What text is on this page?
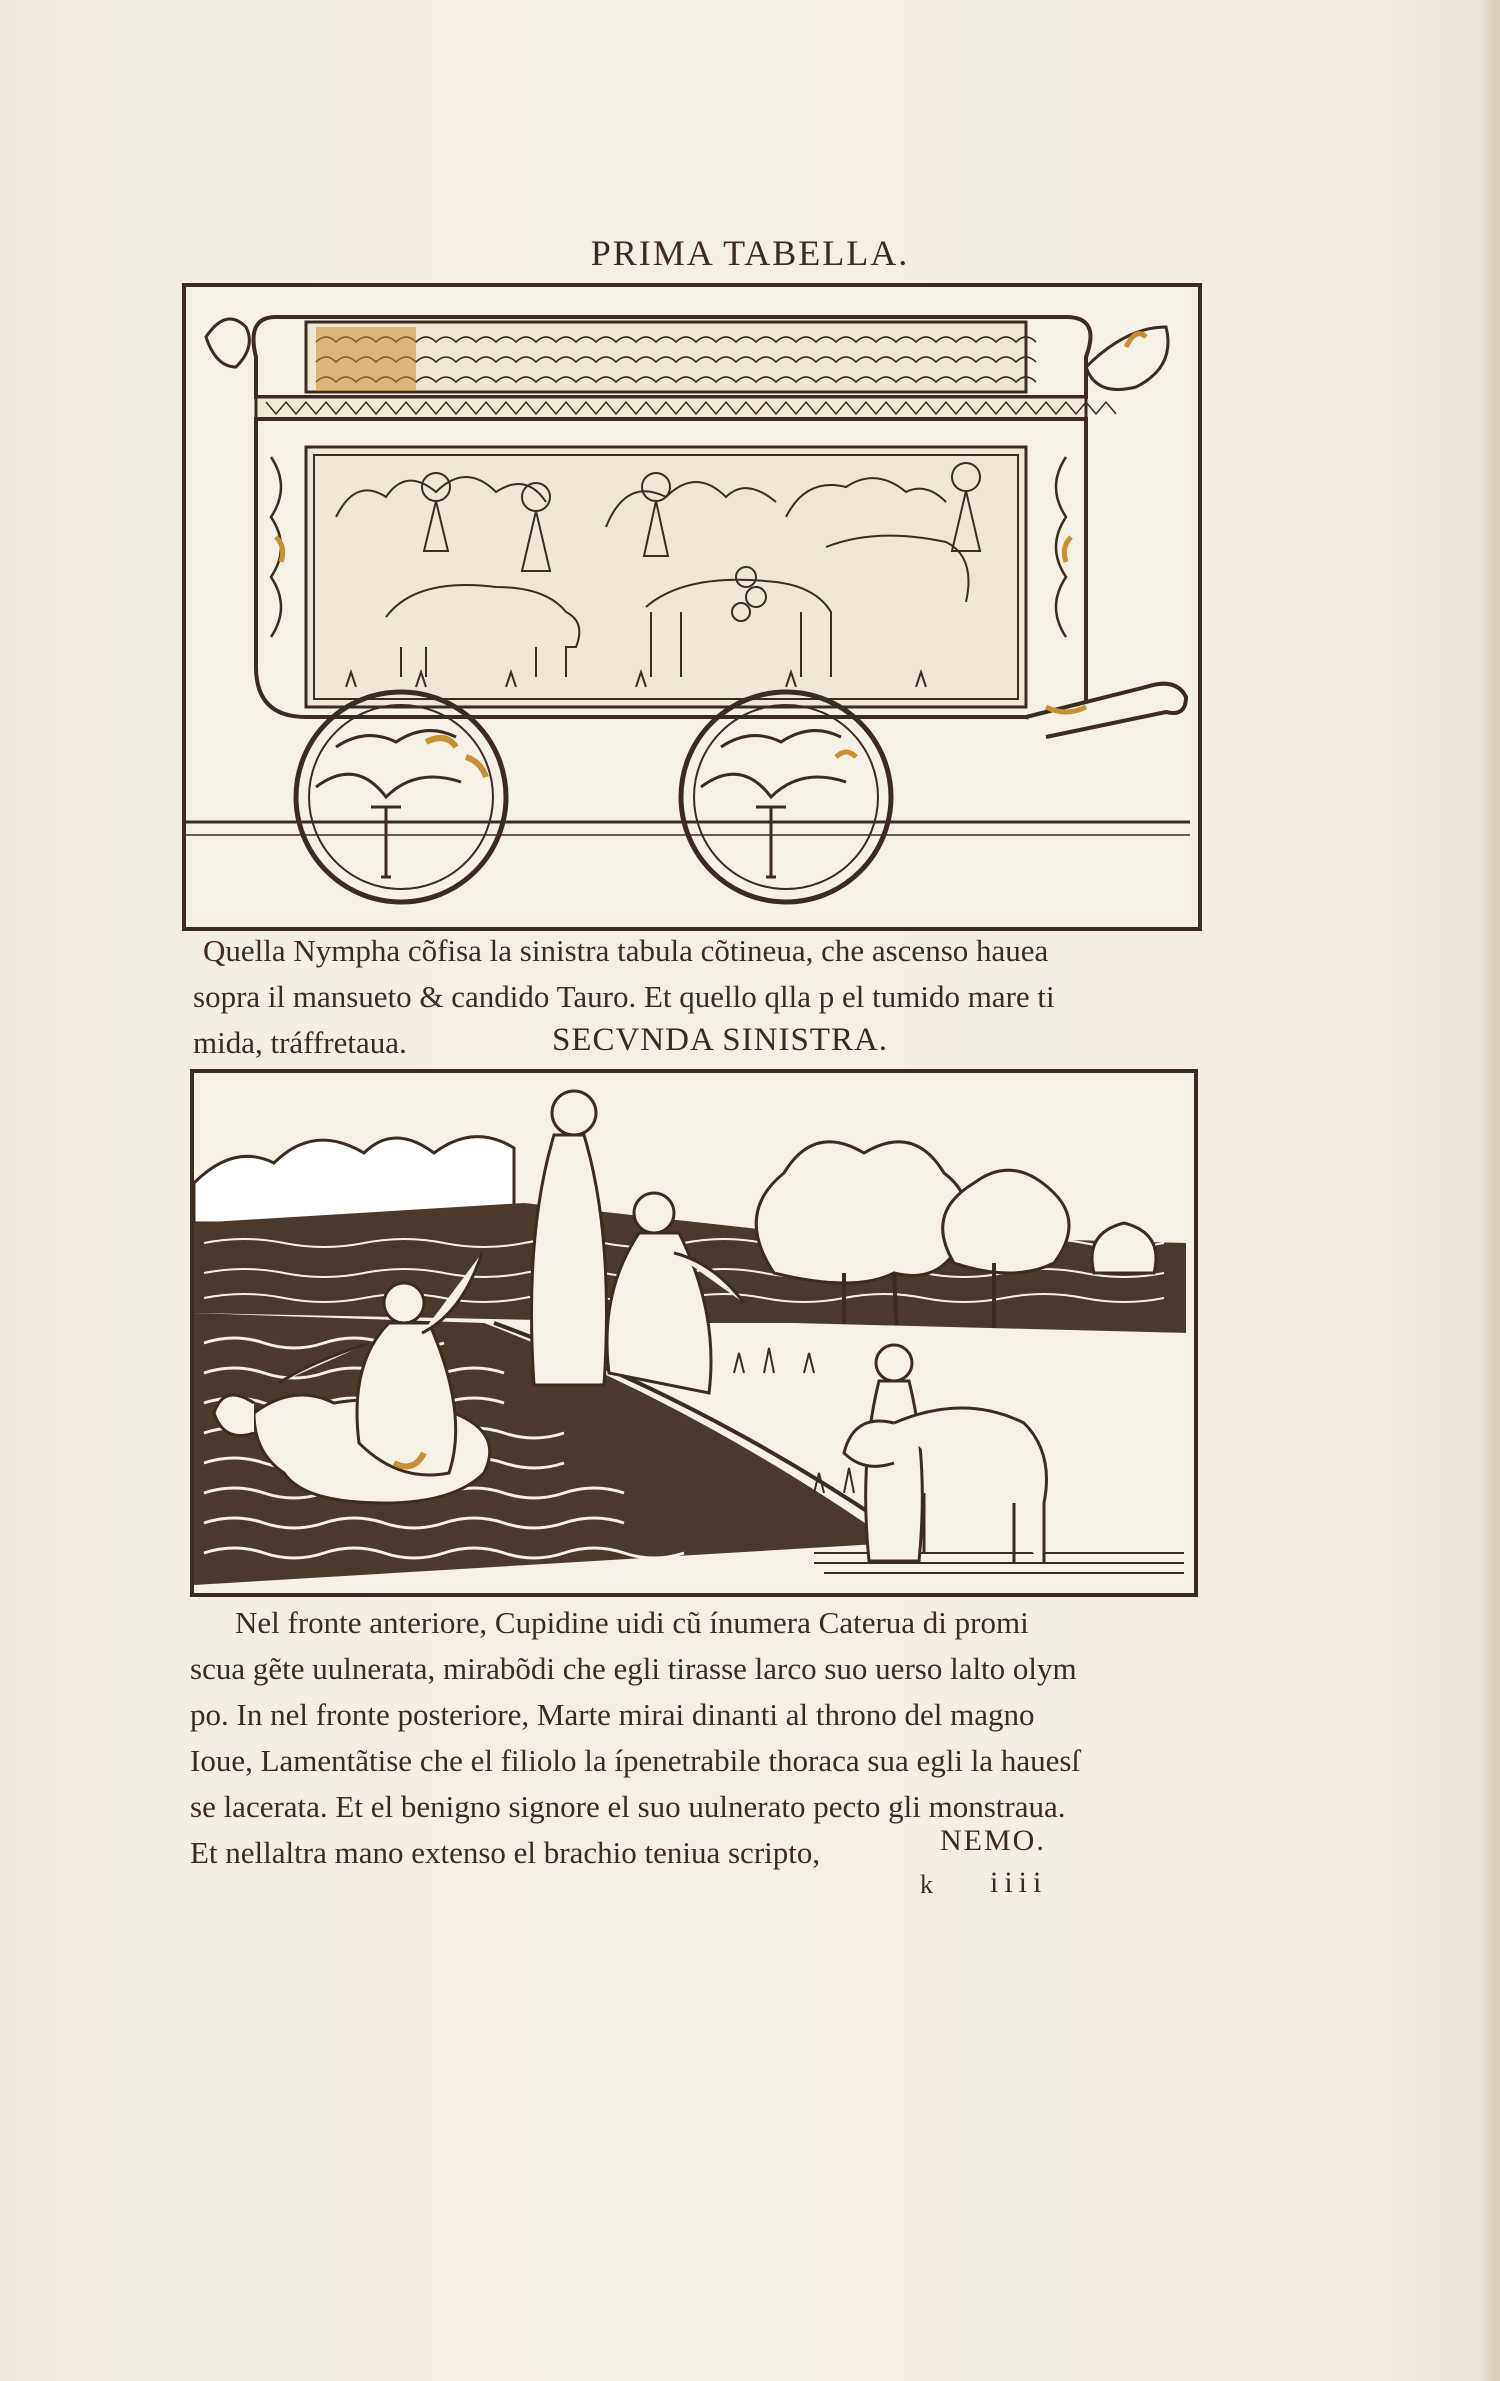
PRIMA TABELLA.
Quella Nympha cõfisa la sinistra tabula cõtineua, che ascenso hauea
sopra il mansueto & candido Tauro. Et quello qlla p el tumido mare ti
mida, tráffretaua.	SECVNDA SINISTRA.
Nel fronte anteriore, Cupidine uidi cũ ínumera Caterua di promi
scua gẽte uulnerata, mirabõdi che egli tirasse larco suo uerso lalto olym
po. In nel fronte posteriore, Marte mirai dinanti al throno del magno
Ioue, Lamentãtise che el filiolo la ípenetrabile thoraca sua egli la hauesſ
se lacerata. Et el benigno signore el suo uulnerato pecto gli monstraua.
Et nellaltra mano extenso el brachio teniua scripto,	NEMO.
k iiii
